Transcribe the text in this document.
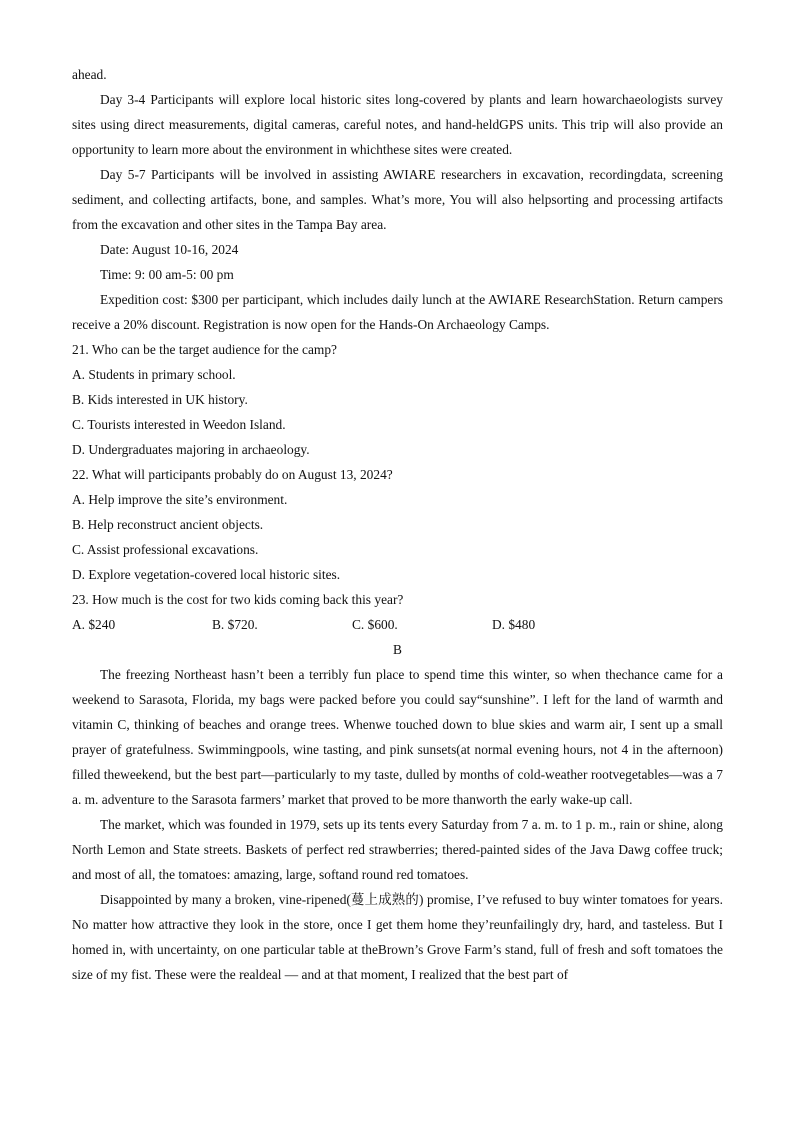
ahead.

Day 3-4 Participants will explore local historic sites long-covered by plants and learn howarchaeologists survey sites using direct measurements, digital cameras, careful notes, and hand-heldGPS units. This trip will also provide an opportunity to learn more about the environment in whichthese sites were created.

Day 5-7 Participants will be involved in assisting AWIARE researchers in excavation, recordingdata, screening sediment, and collecting artifacts, bone, and samples. What’s more, You will also helpsorting and processing artifacts from the excavation and other sites in the Tampa Bay area.

Date: August 10-16, 2024

Time: 9: 00 am-5: 00 pm

Expedition cost: $300 per participant, which includes daily lunch at the AWIARE ResearchStation. Return campers receive a 20% discount. Registration is now open for the Hands-On Archaeology Camps.

21. Who can be the target audience for the camp?

A. Students in primary school.

B. Kids interested in UK history.

C. Tourists interested in Weedon Island.

D. Undergraduates majoring in archaeology.

22. What will participants probably do on August 13, 2024?

A. Help improve the site’s environment.

B. Help reconstruct ancient objects.

C. Assist professional excavations.

D. Explore vegetation-covered local historic sites.

23. How much is the cost for two kids coming back this year?

A. $240	B. $720.	C. $600.	D. $480

B

The freezing Northeast hasn’t been a terribly fun place to spend time this winter, so when thechance came for a weekend to Sarasota, Florida, my bags were packed before you could say“sunshine”. I left for the land of warmth and vitamin C, thinking of beaches and orange trees. Whenwe touched down to blue skies and warm air, I sent up a small prayer of gratefulness. Swimmingpools, wine tasting, and pink sunsets(at normal evening hours, not 4 in the afternoon) filled theweekend, but the best part—particularly to my taste, dulled by months of cold-weather rootvegetables—was a 7 a. m. adventure to the Sarasota farmers’ market that proved to be more thanworth the early wake-up call.

The market, which was founded in 1979, sets up its tents every Saturday from 7 a. m. to 1 p. m., rain or shine, along North Lemon and State streets. Baskets of perfect red strawberries; thered-painted sides of the Java Dawg coffee truck; and most of all, the tomatoes: amazing, large, softand round red tomatoes.

Disappointed by many a broken, vine-ripened(蔓上成熟的) promise, I’ve refused to buy winter tomatoes for years. No matter how attractive they look in the store, once I get them home they’reunfailingly dry, hard, and tasteless. But I homed in, with uncertainty, on one particular table at theBrown’s Grove Farm’s stand, full of fresh and soft tomatoes the size of my fist. These were the realdeal — and at that moment, I realized that the best part of
